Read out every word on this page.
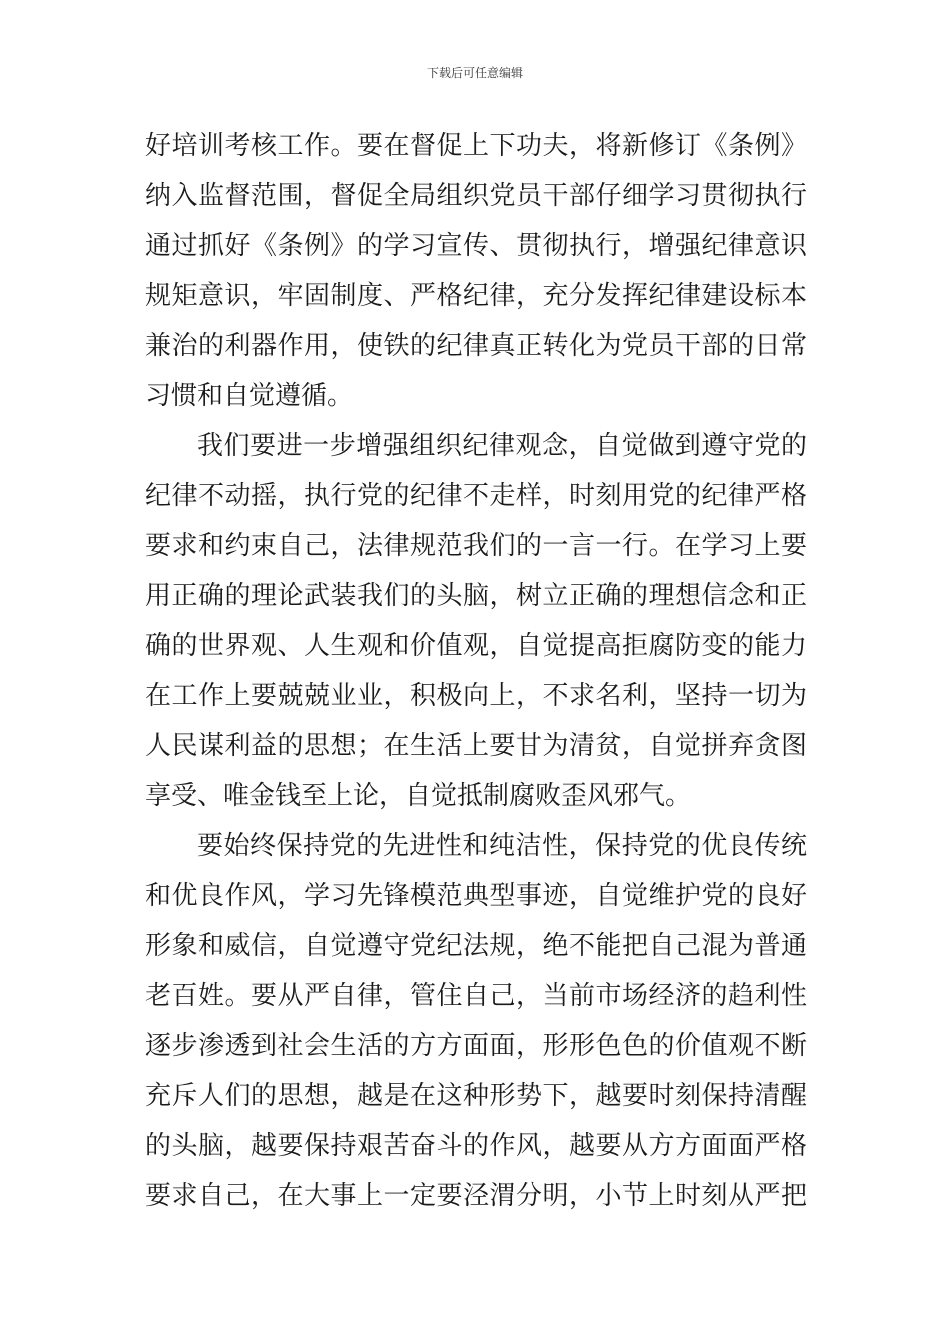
下载后可任意编辑
好培训考核工作。要在督促上下功夫，将新修订《条例》
纳入监督范围，督促全局组织党员干部仔细学习贯彻执行
通过抓好《条例》的学习宣传、贯彻执行，增强纪律意识
规矩意识，牢固制度、严格纪律，充分发挥纪律建设标本
兼治的利器作用，使铁的纪律真正转化为党员干部的日常
习惯和自觉遵循。
我们要进一步增强组织纪律观念，自觉做到遵守党的
纪律不动摇，执行党的纪律不走样，时刻用党的纪律严格
要求和约束自己，法律规范我们的一言一行。在学习上要
用正确的理论武装我们的头脑，树立正确的理想信念和正
确的世界观、人生观和价值观，自觉提高拒腐防变的能力
在工作上要兢兢业业，积极向上，不求名利，坚持一切为
人民谋利益的思想；在生活上要甘为清贫，自觉拼弃贪图
享受、唯金钱至上论，自觉抵制腐败歪风邪气。
要始终保持党的先进性和纯洁性，保持党的优良传统
和优良作风，学习先锋模范典型事迹，自觉维护党的良好
形象和威信，自觉遵守党纪法规，绝不能把自己混为普通
老百姓。要从严自律，管住自己，当前市场经济的趋利性
逐步渗透到社会生活的方方面面，形形色色的价值观不断
充斥人们的思想，越是在这种形势下，越要时刻保持清醒
的头脑，越要保持艰苦奋斗的作风，越要从方方面面严格
要求自己，在大事上一定要泾渭分明，小节上时刻从严把
